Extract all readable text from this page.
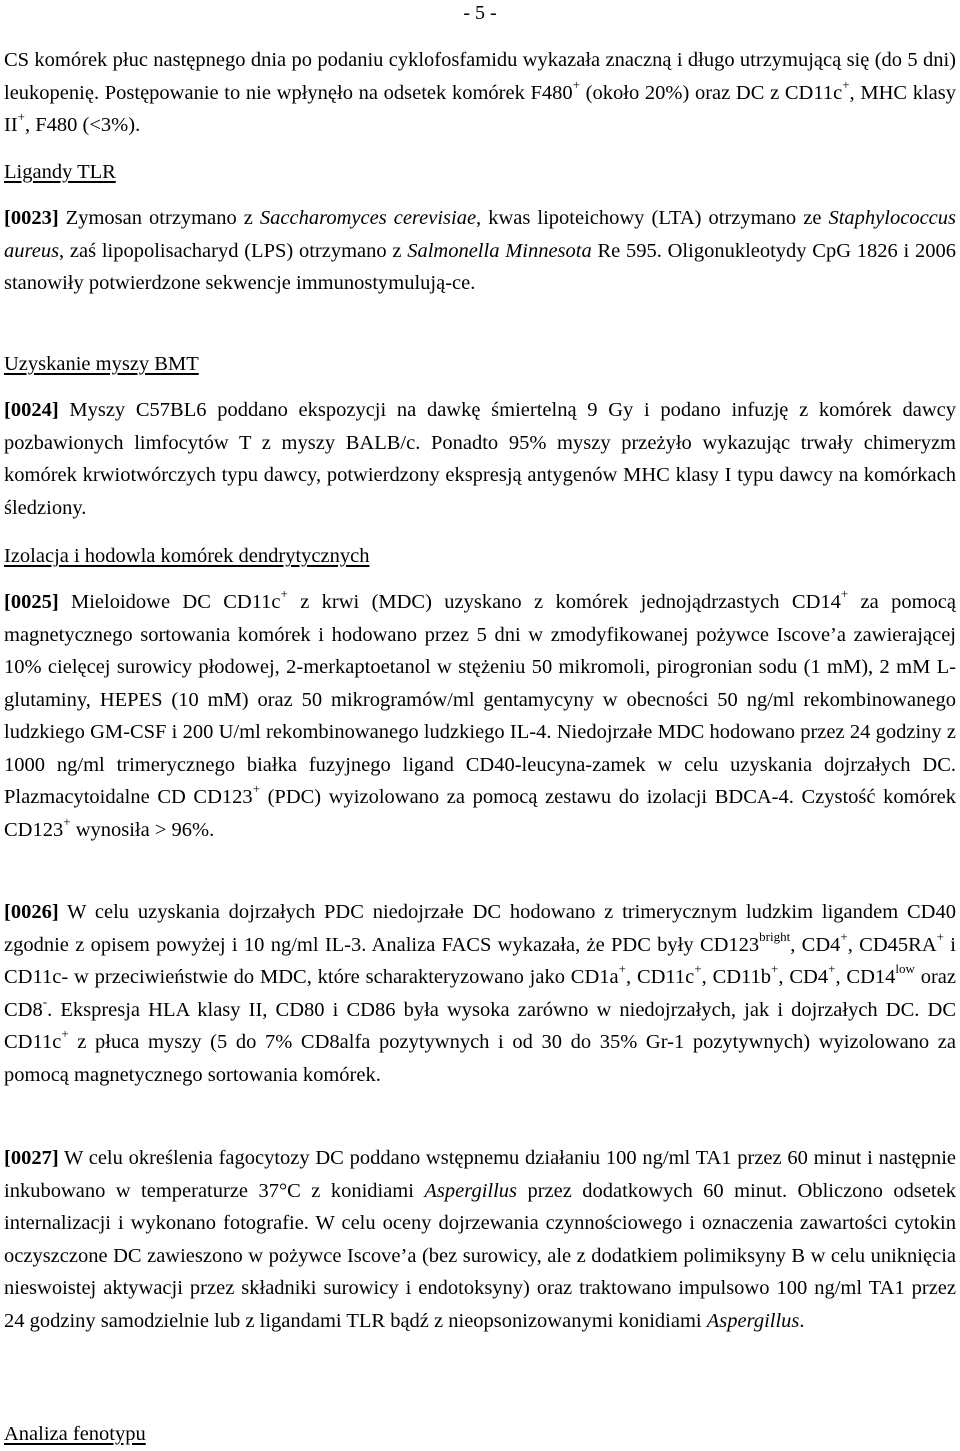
- 5 -

CS komórek płuc następnego dnia po podaniu cyklofosfamidu wykazała znaczną i długo utrzymującą się (do 5 dni) leukopenię. Postępowanie to nie wpłynęło na odsetek komórek F480+ (około 20%) oraz DC z CD11c+, MHC klasy II+, F480 (<3%).

Ligandy TLR

[0023] Zymosan otrzymano z Saccharomyces cerevisiae, kwas lipoteichowy (LTA) otrzymano ze Staphylococcus aureus, zaś lipopolisacharyd (LPS) otrzymano z Salmonella Minnesota Re 595. Oligonukleotydy CpG 1826 i 2006 stanowiły potwierdzone sekwencje immunostymulują-ce.

Uzyskanie myszy BMT

[0024] Myszy C57BL6 poddano ekspozycji na dawkę śmiertelną 9 Gy i podano infuzję z komórek dawcy pozbawionych limfocytów T z myszy BALB/c. Ponadto 95% myszy przeżyło wykazując trwały chimeryzm komórek krwiotwórczych typu dawcy, potwierdzony ekspresją antygenów MHC klasy I typu dawcy na komórkach śledziony.

Izolacja i hodowla komórek dendrytycznych

[0025] Mieloidowe DC CD11c+ z krwi (MDC) uzyskano z komórek jednojądrzastych CD14+ za pomocą magnetycznego sortowania komórek i hodowano przez 5 dni w zmodyfikowanej pożywce Iscove’a zawierającej 10% cielęcej surowicy płodowej, 2-merkaptoetanol w stężeniu 50 mikromoli, pirogronian sodu (1 mM), 2 mM L-glutaminy, HEPES (10 mM) oraz 50 mikrogramów/ml gentamycyny w obecności 50 ng/ml rekombinowanego ludzkiego GM-CSF i 200 U/ml rekombinowanego ludzkiego IL-4. Niedojrzałe MDC hodowano przez 24 godziny z 1000 ng/ml trimerycznego białka fuzyjnego ligand CD40-leucyna-zamek w celu uzyskania dojrzałych DC. Plazmacytoidalne CD CD123+ (PDC) wyizolowano za pomocą zestawu do izolacji BDCA-4. Czystość komórek CD123+ wynosiła > 96%.

[0026] W celu uzyskania dojrzałych PDC niedojrzałe DC hodowano z trimerycznym ludzkim ligandem CD40 zgodnie z opisem powyżej i 10 ng/ml IL-3. Analiza FACS wykazała, że PDC były $CD123^{bright}$, CD4+, CD45RA+ i CD11c- w przeciwieństwie do MDC, które scharakteryzowano jako CD1a+, CD11c+, CD11b+, CD4+, $CD14^{low}$ oraz CD8-. Ekspresja HLA klasy II, CD80 i CD86 była wysoka zarówno w niedojrzałych, jak i dojrzałych DC. DC CD11c+ z płuca myszy (5 do 7% CD8alfa pozytywnych i od 30 do 35% Gr-1 pozytywnych) wyizolowano za pomocą magnetycznego sortowania komórek.

[0027] W celu określenia fagocytozy DC poddano wstępnemu działaniu 100 ng/ml TA1 przez 60 minut i następnie inkubowano w temperaturze 37°C z konidiami Aspergillus przez dodatkowych 60 minut. Obliczono odsetek internalizacji i wykonano fotografie. W celu oceny dojrzewania czynnościowego i oznaczenia zawartości cytokin oczyszczone DC zawieszono w pożywce Iscove’a (bez surowicy, ale z dodatkiem polimiksyny B w celu uniknięcia nieswoistej aktywacji przez składniki surowicy i endotoksyny) oraz traktowano impulsowo 100 ng/ml TA1 przez 24 godziny samodzielnie lub z ligandami TLR bądź z nieopsonizowanymi konidiami Aspergillus.

Analiza fenotypu
